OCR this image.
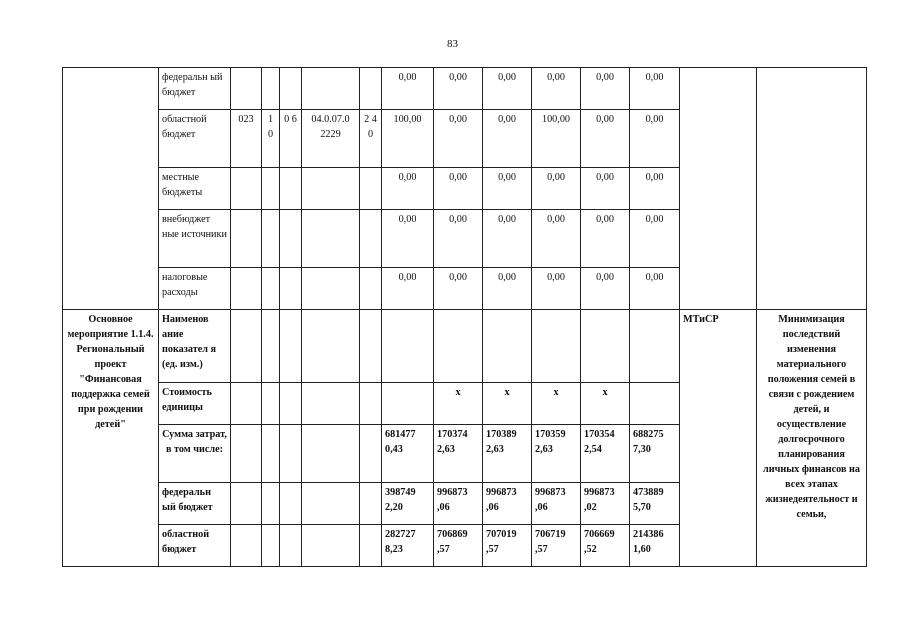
83
	федеральн ый бюджет						0,00	0,00	0,00	0,00	0,00	0,00		
	областной бюджет	023	1 0	0 6	04.0.07.0 2229	2 4 0	100,00	0,00	0,00	100,00	0,00	0,00		
	местные бюджеты						0,00	0,00	0,00	0,00	0,00	0,00		
	внебюджет ные источники						0,00	0,00	0,00	0,00	0,00	0,00		
	налоговые расходы						0,00	0,00	0,00	0,00	0,00	0,00		
Основное мероприятие 1.1.4. Региональный проект "Финансовая поддержка семей при рождении детей"	Наименов ание показател я (ед. изм.)												МТиСР	Минимизация последствий изменения материального положения семей в связи с рождением детей, и осуществление долгосрочного планирования личных финансов на всех этапах жизнедеятельност и семьи,
	Стоимость единицы							х	х	х	х			
	Сумма затрат, в том числе:						681477 0,43	170374 2,63	170389 2,63	170359 2,63	170354 2,54	688275 7,30		
	федеральн ый бюджет						398749 2,20	996873 ,06	996873 ,06	996873 ,06	996873 ,02	473889 5,70		
	областной бюджет						282727 8,23	706869 ,57	707019 ,57	706719 ,57	706669 ,52	214386 1,60		
